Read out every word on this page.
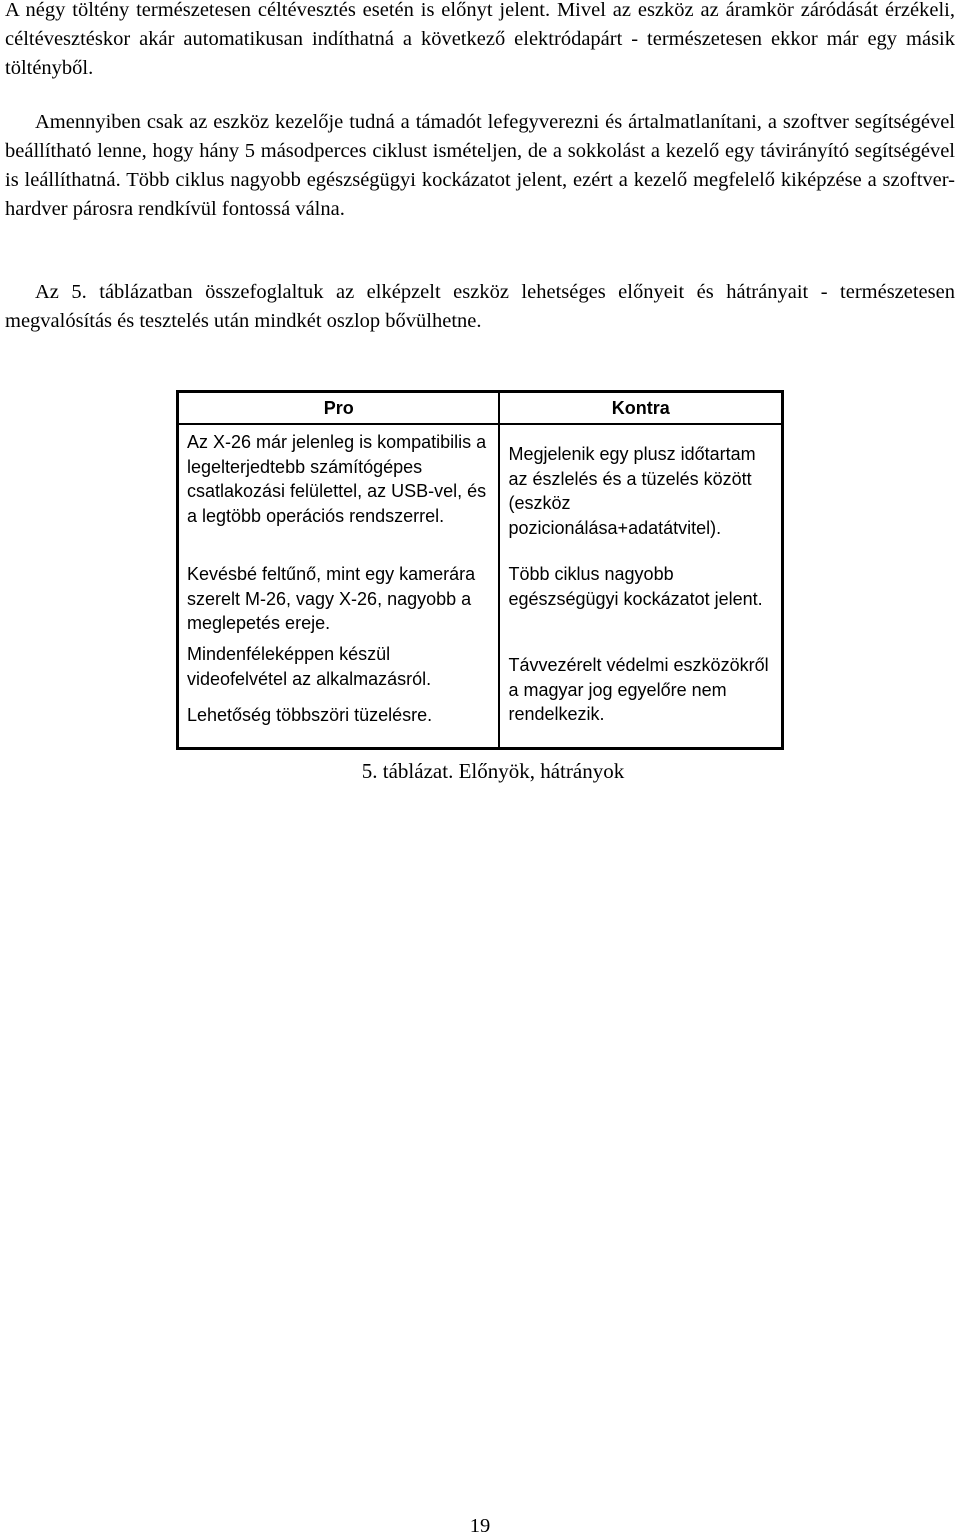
A négy töltény természetesen céltévesztés esetén is előnyt jelent. Mivel az eszköz az áramkör záródását érzékeli, céltévesztéskor akár automatikusan indíthatná a következő elektródapárt - természetesen ekkor már egy másik töltényből.

Amennyiben csak az eszköz kezelője tudná a támadót lefegyverezni és ártalmatlanítani, a szoftver segítségével beállítható lenne, hogy hány 5 másodperces ciklust ismételjen, de a sokkolást a kezelő egy távirányító segítségével is leállíthatná. Több ciklus nagyobb egészségügyi kockázatot jelent, ezért a kezelő megfelelő kiképzése a szoftver-hardver párosra rendkívül fontossá válna.

Az 5. táblázatban összefoglaltuk az elképzelt eszköz lehetséges előnyeit és hátrányait - természetesen megvalósítás és tesztelés után mindkét oszlop bővülhetne.

Pro	Kontra

Az X-26 már jelenleg is kompatibilis a legelterjedtebb számítógépes csatlakozási felülettel, az USB-vel, és a legtöbb operációs rendszerrel.	Megjelenik egy plusz időtartam az észlelés és a tüzelés között (eszköz pozicionálása+adatátvitel).

Kevésbé feltűnő, mint egy kamerára szerelt M-26, vagy X-26, nagyobb a meglepetés ereje.	Több ciklus nagyobb egészségügyi kockázatot jelent.

Mindenféleképpen készül videofelvétel az alkalmazásról.	Távvezérelt védelmi eszközökről a magyar jog egyelőre nem rendelkezik.

Lehetőség többszöri tüzelésre.	
5. táblázat. Előnyök, hátrányok
19
